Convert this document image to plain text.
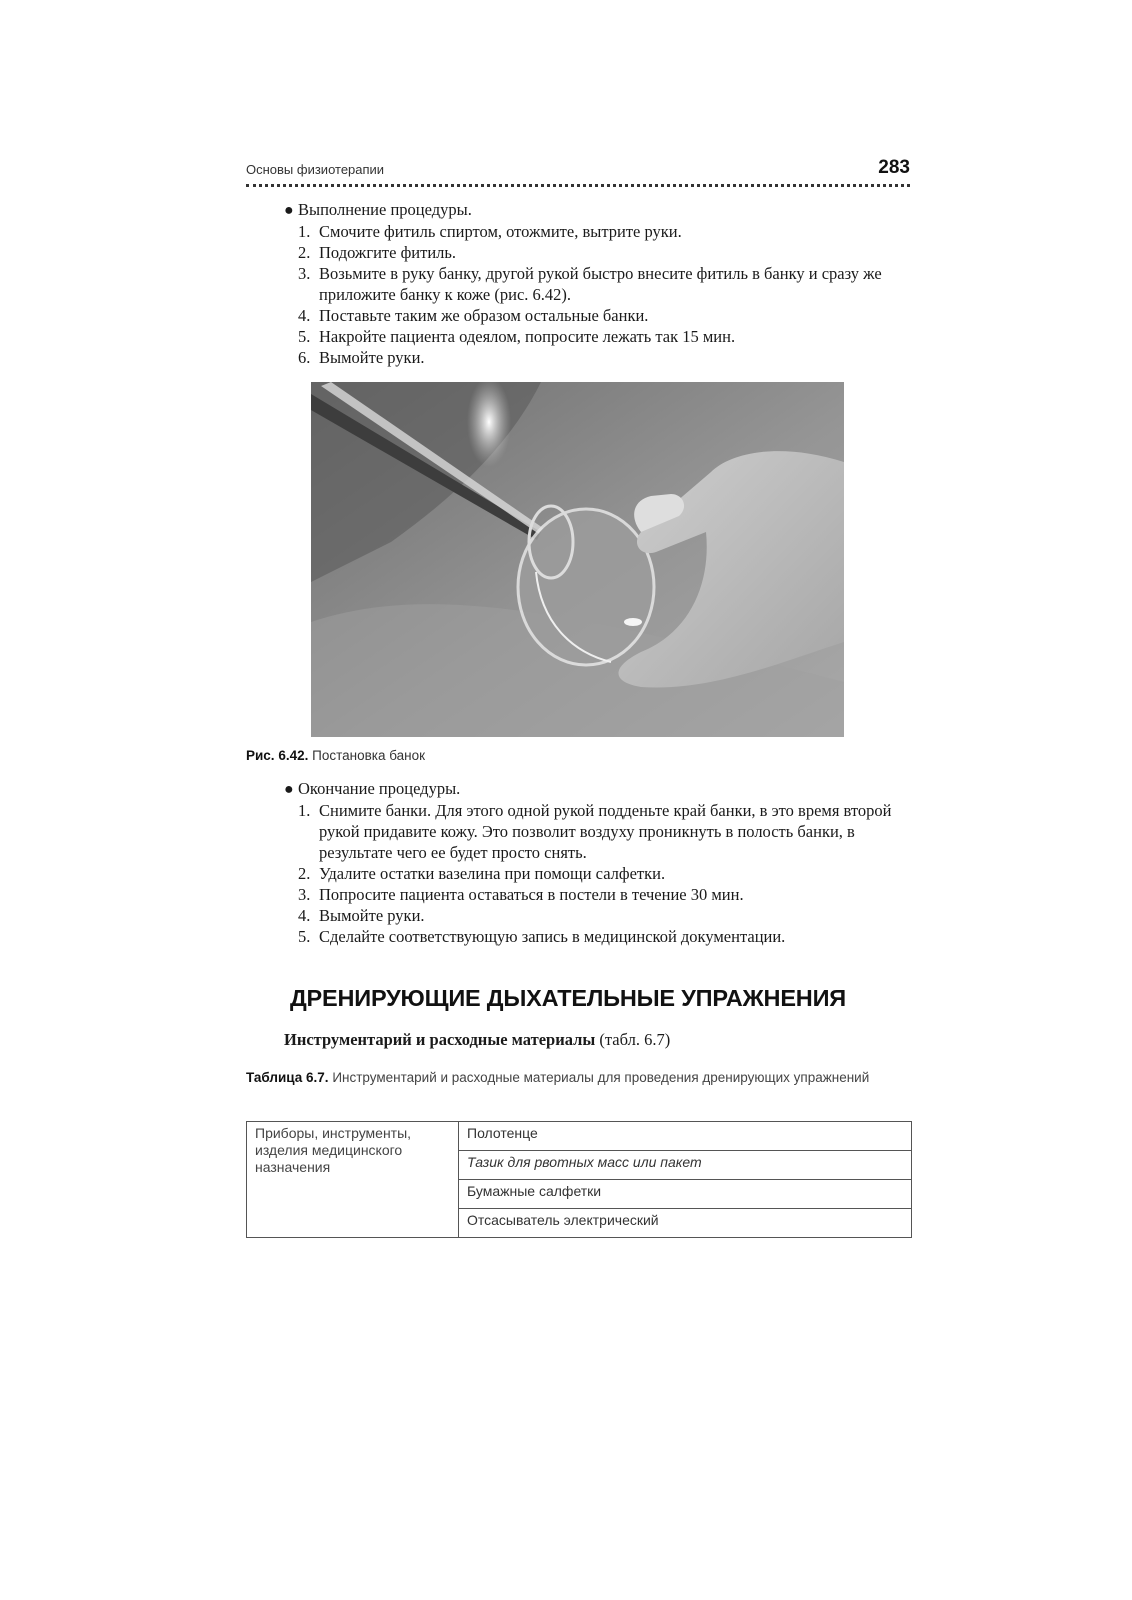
Основы физиотерапии	283
● Выполнение процедуры.
1. Смочите фитиль спиртом, отожмите, вытрите руки.
2. Подожгите фитиль.
3. Возьмите в руку банку, другой рукой быстро внесите фитиль в банку и сразу же приложите банку к коже (рис. 6.42).
4. Поставьте таким же образом остальные банки.
5. Накройте пациента одеялом, попросите лежать так 15 мин.
6. Вымойте руки.
Рис. 6.42. Постановка банок
● Окончание процедуры.
1. Снимите банки. Для этого одной рукой подденьте край банки, в это время второй рукой придавите кожу. Это позволит воздуху проникнуть в полость банки, в результате чего ее будет просто снять.
2. Удалите остатки вазелина при помощи салфетки.
3. Попросите пациента оставаться в постели в течение 30 мин.
4. Вымойте руки.
5. Сделайте соответствующую запись в медицинской документации.
ДРЕНИРУЮЩИЕ ДЫХАТЕЛЬНЫЕ УПРАЖНЕНИЯ
Инструментарий и расходные материалы (табл. 6.7)
Таблица 6.7. Инструментарий и расходные материалы для проведения дренирующих упражнений
Приборы, инструменты, изделия медицинского назначения	Полотенце
Тазик для рвотных масс или пакет
Бумажные салфетки
Отсасыватель электрический
